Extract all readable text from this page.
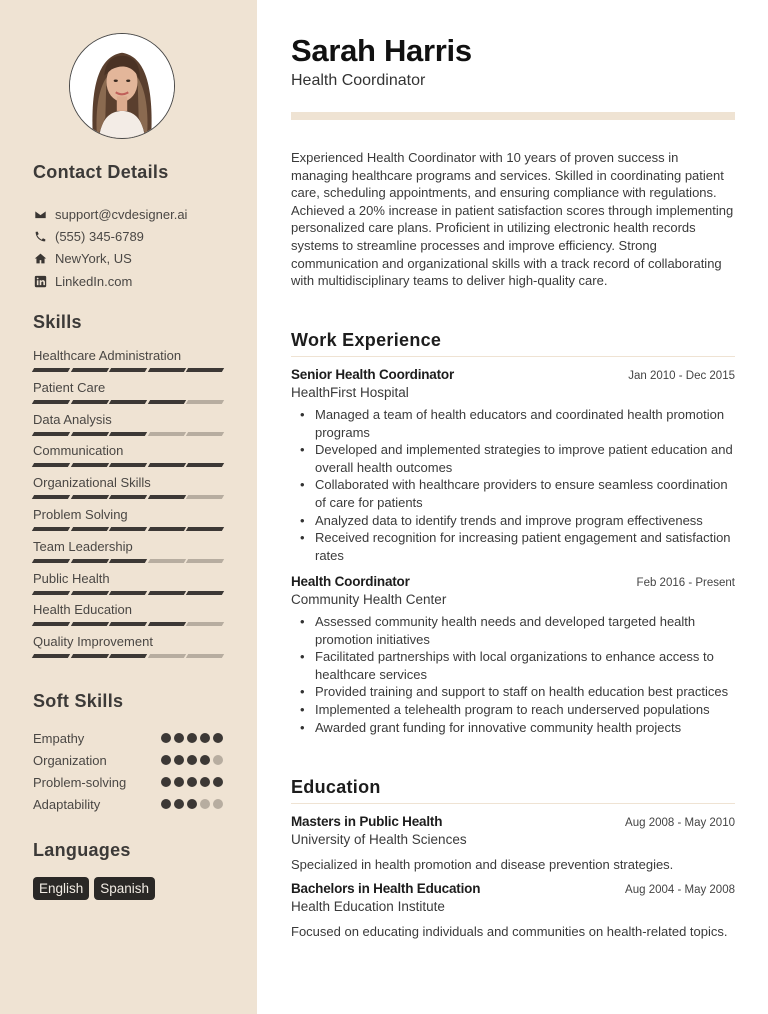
Contact Details
support@cvdesigner.ai
(555) 345-6789
NewYork, US
LinkedIn.com
Skills
Healthcare Administration
Patient Care
Data Analysis
Communication
Organizational Skills
Problem Solving
Team Leadership
Public Health
Health Education
Quality Improvement
Soft Skills
Empathy
Organization
Problem-solving
Adaptability
Languages
English	Spanish
Sarah Harris
Health Coordinator

Experienced Health Coordinator with 10 years of proven success in managing healthcare programs and services. Skilled in coordinating patient care, scheduling appointments, and ensuring compliance with regulations. Achieved a 20% increase in patient satisfaction scores through implementing personalized care plans. Proficient in utilizing electronic health records systems to streamline processes and improve efficiency. Strong communication and organizational skills with a track record of collaborating with multidisciplinary teams to deliver high-quality care.

Work Experience
Senior Health Coordinator	Jan 2010 - Dec 2015
HealthFirst Hospital
• Managed a team of health educators and coordinated health promotion programs
• Developed and implemented strategies to improve patient education and overall health outcomes
• Collaborated with healthcare providers to ensure seamless coordination of care for patients
• Analyzed data to identify trends and improve program effectiveness
• Received recognition for increasing patient engagement and satisfaction rates
Health Coordinator	Feb 2016 - Present
Community Health Center
• Assessed community health needs and developed targeted health promotion initiatives
• Facilitated partnerships with local organizations to enhance access to healthcare services
• Provided training and support to staff on health education best practices
• Implemented a telehealth program to reach underserved populations
• Awarded grant funding for innovative community health projects
Education
Masters in Public Health	Aug 2008 - May 2010
University of Health Sciences
Specialized in health promotion and disease prevention strategies.
Bachelors in Health Education	Aug 2004 - May 2008
Health Education Institute
Focused on educating individuals and communities on health-related topics.
